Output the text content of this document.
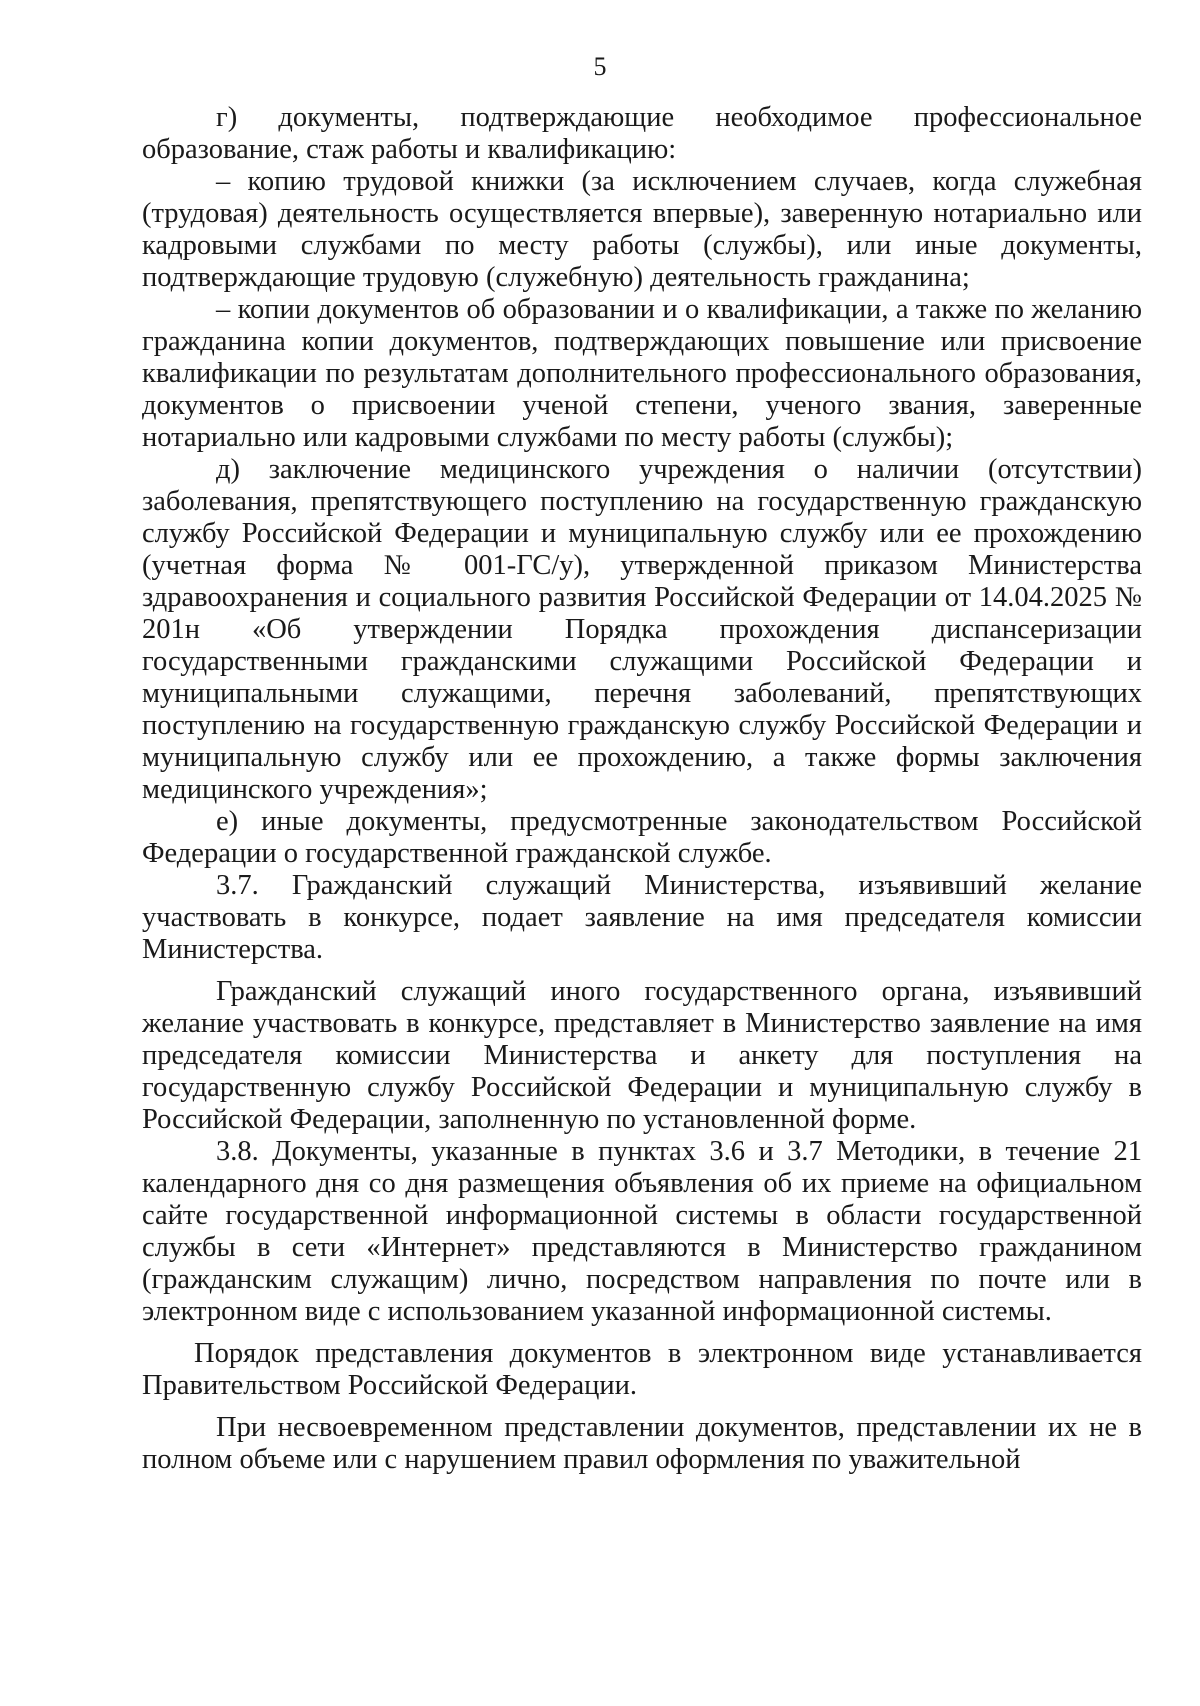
5

г) документы, подтверждающие необходимое профессиональное образование, стаж работы и квалификацию:

– копию трудовой книжки (за исключением случаев, когда служебная (трудовая) деятельность осуществляется впервые), заверенную нотариально или кадровыми службами по месту работы (службы), или иные документы, подтверждающие трудовую (служебную) деятельность гражданина;

– копии документов об образовании и о квалификации, а также по желанию гражданина копии документов, подтверждающих повышение или присвоение квалификации по результатам дополнительного профессионального образования, документов о присвоении ученой степени, ученого звания, заверенные нотариально или кадровыми службами по месту работы (службы);

д) заключение медицинского учреждения о наличии (отсутствии) заболевания, препятствующего поступлению на государственную гражданскую службу Российской Федерации и муниципальную службу или ее прохождению (учетная форма № 001-ГС/у), утвержденной приказом Министерства здравоохранения и социального развития Российской Федерации от 14.04.2025 № 201н «Об утверждении Порядка прохождения диспансеризации государственными гражданскими служащими Российской Федерации и муниципальными служащими, перечня заболеваний, препятствующих поступлению на государственную гражданскую службу Российской Федерации и муниципальную службу или ее прохождению, а также формы заключения медицинского учреждения»;

е) иные документы, предусмотренные законодательством Российской Федерации о государственной гражданской службе.

3.7. Гражданский служащий Министерства, изъявивший желание участвовать в конкурсе, подает заявление на имя председателя комиссии Министерства.

Гражданский служащий иного государственного органа, изъявивший желание участвовать в конкурсе, представляет в Министерство заявление на имя председателя комиссии Министерства и анкету для поступления на государственную службу Российской Федерации и муниципальную службу в Российской Федерации, заполненную по установленной форме.

3.8. Документы, указанные в пунктах 3.6 и 3.7 Методики, в течение 21 календарного дня со дня размещения объявления об их приеме на официальном сайте государственной информационной системы в области государственной службы в сети «Интернет» представляются в Министерство гражданином (гражданским служащим) лично, посредством направления по почте или в электронном виде с использованием указанной информационной системы.

Порядок представления документов в электронном виде устанавливается Правительством Российской Федерации.

При несвоевременном представлении документов, представлении их не в полном объеме или с нарушением правил оформления по уважительной
